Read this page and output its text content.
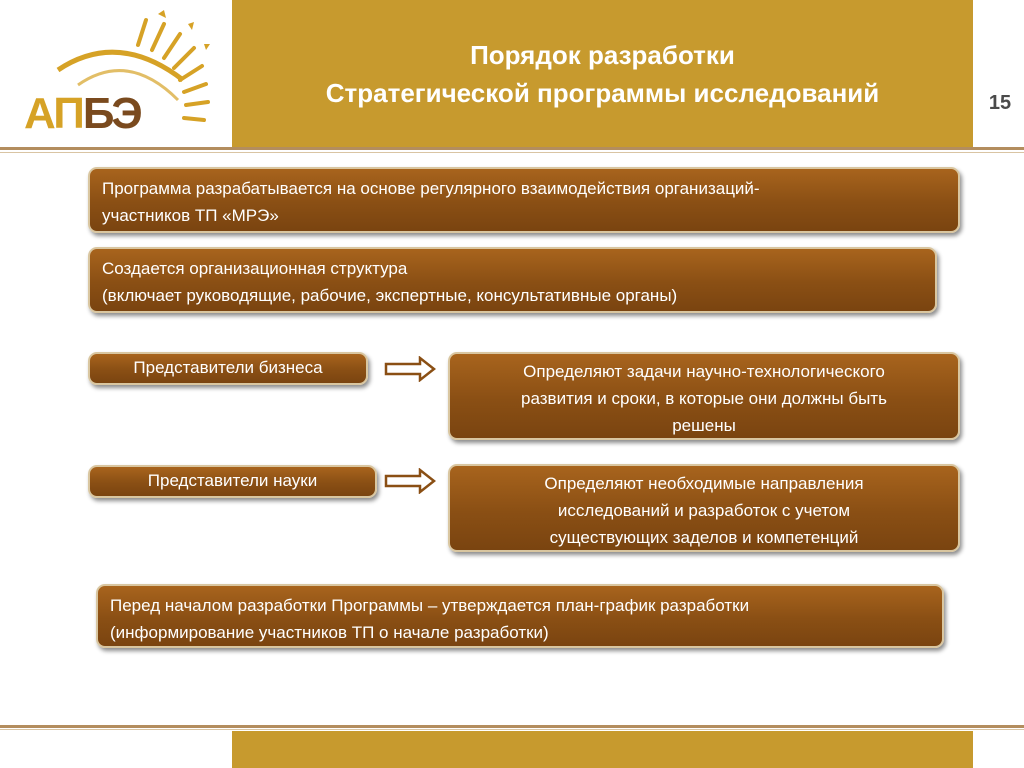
АПБЭ
Порядок разработки
Стратегической программы исследований	15
Программа разрабатывается на основе регулярного взаимодействия организаций-
участников ТП «МРЭ»
Создается организационная структура
(включает руководящие, рабочие, экспертные, консультативные органы)
Представители бизнеса	Определяют задачи научно-технологического
развития и сроки, в которые они должны быть
решены
Представители науки	Определяют необходимые направления
исследований и разработок с учетом
существующих заделов и компетенций
Перед началом разработки Программы – утверждается план-график разработки
(информирование участников ТП о начале разработки)
